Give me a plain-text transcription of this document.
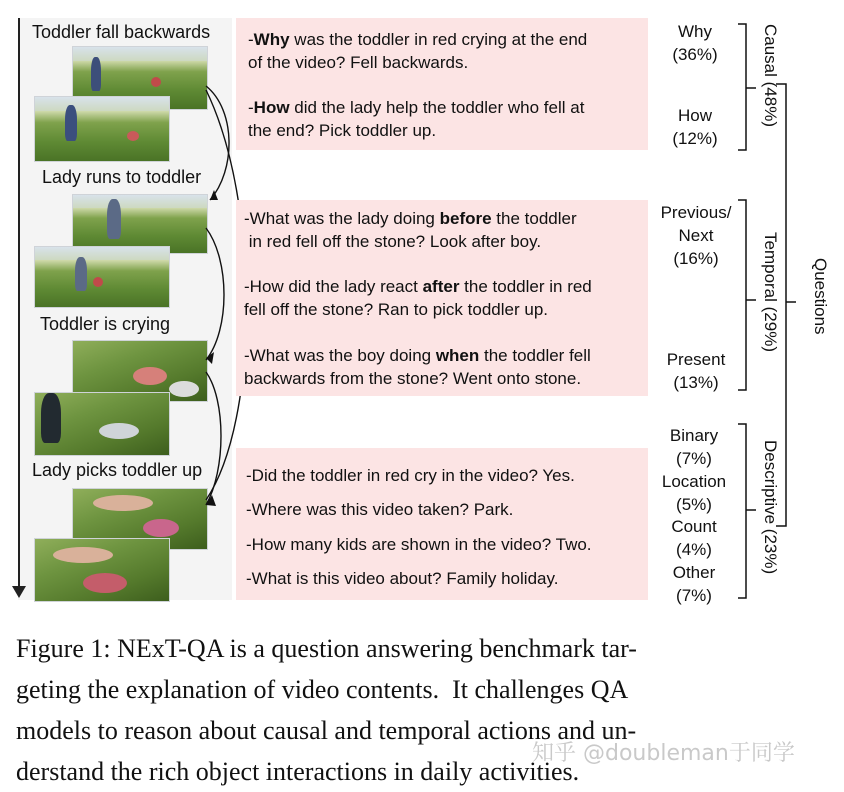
Toddler fall backwards
Lady runs to toddler
Toddler is crying
Lady picks toddler up
-Why was the toddler in red crying at the end
of the video? Fell backwards.
-How did the lady help the toddler who fell at
the end? Pick toddler up.
-What was the lady doing before the toddler
in red fell off the stone? Look after boy.
-How did the lady react after the toddler in red
fell off the stone? Ran to pick toddler up.
-What was the boy doing when the toddler fell
backwards from the stone? Went onto stone.
-Did the toddler in red cry in the video? Yes.
-Where was this video taken? Park.
-How many kids are shown in the video? Two.
-What is this video about? Family holiday.
Why
(36%)
How
(12%)
Previous/
Next
(16%)
Present
(13%)
Binary
(7%)
Location
(5%)
Count
(4%)
Other
(7%)
Causal (48%)
Temporal (29%)
Descriptive (23%)
Questions
Figure 1: NExT-QA is a question answering benchmark tar-
geting the explanation of video contents.  It challenges QA
models to reason about causal and temporal actions and un-
derstand the rich object interactions in daily activities.
知乎 @doubleman于同学
